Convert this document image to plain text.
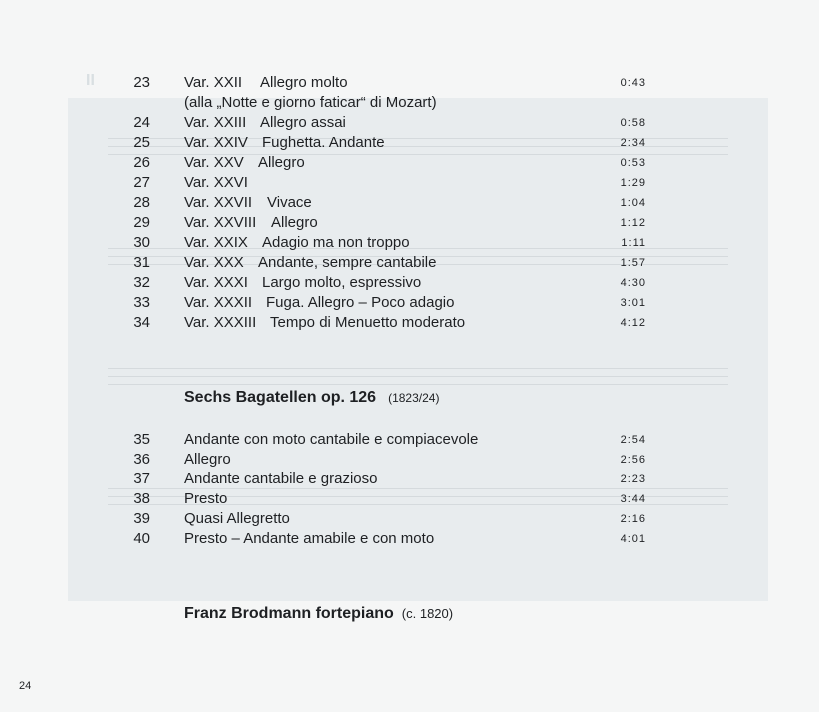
II	23 Var. XXII Allegro molto	0:43
(alla „Notte e giorno faticar“ di Mozart)
24 Var. XXIII Allegro assai	0:58
25 Var. XXIV Fughetta. Andante	2:34
26 Var. XXV Allegro	0:53
27 Var. XXVI	1:29
28 Var. XXVII Vivace	1:04
29 Var. XXVIII Allegro	1:12
30 Var. XXIX Adagio ma non troppo	1:11
31 Var. XXX Andante, sempre cantabile	1:57
32 Var. XXXI Largo molto, espressivo	4:30
33 Var. XXXII Fuga. Allegro – Poco adagio	3:01
34 Var. XXXIII Tempo di Menuetto moderato	4:12
Sechs Bagatellen op. 126 (1823/24)
35 Andante con moto cantabile e compiacevole	2:54
36 Allegro	2:56
37 Andante cantabile e grazioso	2:23
38 Presto	3:44
39 Quasi Allegretto	2:16
40 Presto – Andante amabile e con moto	4:01
Franz Brodmann fortepiano (c. 1820)
24
